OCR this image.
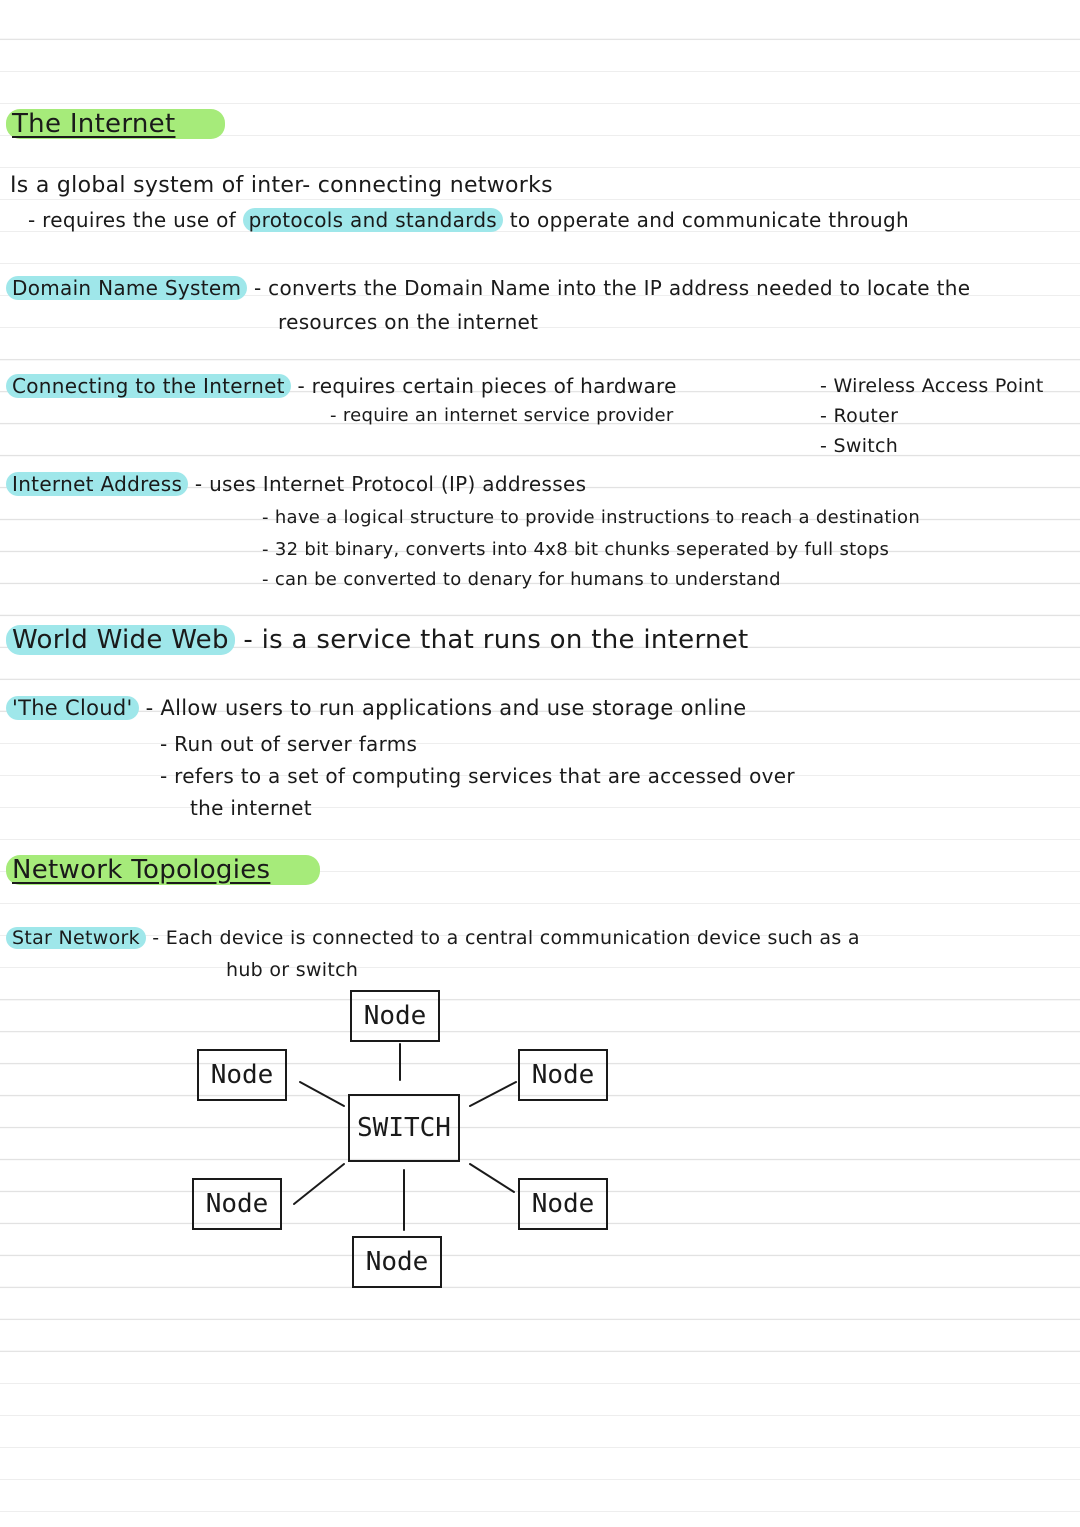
The Internet
Is a global system of inter- connecting networks
- requires the use of protocols and standards to opperate and communicate through
Domain Name System - converts the Domain Name into the IP address needed to locate the
resources on the internet
Connecting to the Internet - requires certain pieces of hardware
- require an internet service provider
- Wireless Access Point
- Router
- Switch
Internet Address - uses Internet Protocol (IP) addresses
- have a logical structure to provide instructions to reach a destination
- 32 bit binary, converts into 4x8 bit chunks seperated by full stops
- can be converted to denary for humans to understand
World Wide Web - is a service that runs on the internet
'The Cloud' - Allow users to run applications and use storage online
- Run out of server farms
- refers to a set of computing services that are accessed over
the internet
Network Topologies
Star Network - Each device is connected to a central communication device such as a
hub or switch
Node
Node	Node
SWITCH
Node	Node
Node
